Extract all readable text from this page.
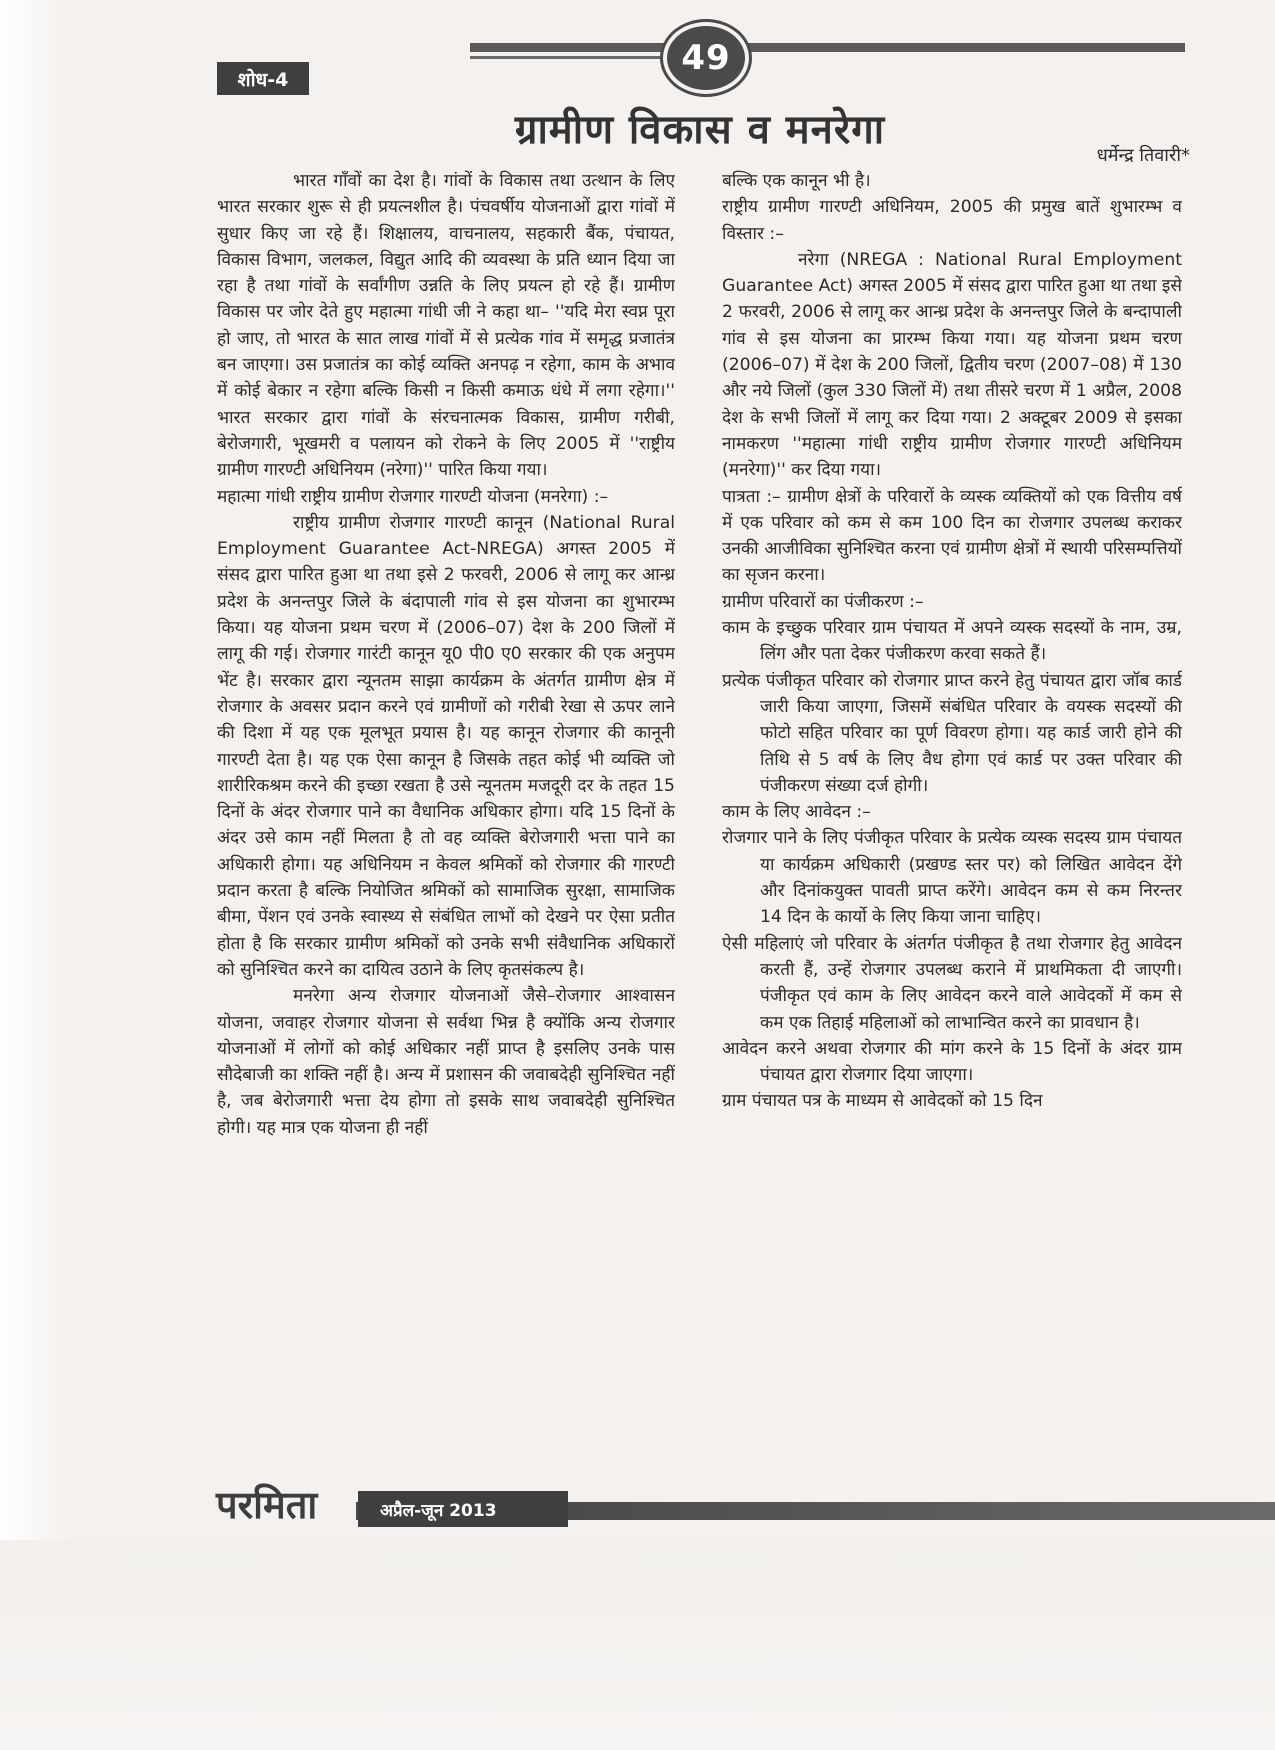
49
शोध-4
ग्रामीण विकास व मनरेगा
धर्मेन्द्र तिवारी*

भारत गाँवों का देश है। गांवों के विकास तथा उत्थान के लिए भारत सरकार शुरू से ही प्रयत्नशील है। पंचवर्षीय योजनाओं द्वारा गांवों में सुधार किए जा रहे हैं। शिक्षालय, वाचनालय, सहकारी बैंक, पंचायत, विकास विभाग, जलकल, विद्युत आदि की व्यवस्था के प्रति ध्यान दिया जा रहा है तथा गांवों के सर्वांगीण उन्नति के लिए प्रयत्न हो रहे हैं। ग्रामीण विकास पर जोर देते हुए महात्मा गांधी जी ने कहा था– ''यदि मेरा स्वप्न पूरा हो जाए, तो भारत के सात लाख गांवों में से प्रत्येक गांव में समृद्ध प्रजातंत्र बन जाएगा। उस प्रजातंत्र का कोई व्यक्ति अनपढ़ न रहेगा, काम के अभाव में कोई बेकार न रहेगा बल्कि किसी न किसी कमाऊ धंधे में लगा रहेगा।'' भारत सरकार द्वारा गांवों के संरचनात्मक विकास, ग्रामीण गरीबी, बेरोजगारी, भूखमरी व पलायन को रोकने के लिए 2005 में ''राष्ट्रीय ग्रामीण गारण्टी अधिनियम (नरेगा)'' पारित किया गया।

महात्मा गांधी राष्ट्रीय ग्रामीण रोजगार गारण्टी योजना (मनरेगा) :–

राष्ट्रीय ग्रामीण रोजगार गारण्टी कानून (National Rural Employment Guarantee Act-NREGA) अगस्त 2005 में संसद द्वारा पारित हुआ था तथा इसे 2 फरवरी, 2006 से लागू कर आन्ध्र प्रदेश के अनन्तपुर जिले के बंदापाली गांव से इस योजना का शुभारम्भ किया। यह योजना प्रथम चरण में (2006–07) देश के 200 जिलों में लागू की गई। रोजगार गारंटी कानून यू0 पी0 ए0 सरकार की एक अनुपम भेंट है। सरकार द्वारा न्यूनतम साझा कार्यक्रम के अंतर्गत ग्रामीण क्षेत्र में रोजगार के अवसर प्रदान करने एवं ग्रामीणों को गरीबी रेखा से ऊपर लाने की दिशा में यह एक मूलभूत प्रयास है। यह कानून रोजगार की कानूनी गारण्टी देता है। यह एक ऐसा कानून है जिसके तहत कोई भी व्यक्ति जो शारीरिकश्रम करने की इच्छा रखता है उसे न्यूनतम मजदूरी दर के तहत 15 दिनों के अंदर रोजगार पाने का वैधानिक अधिकार होगा। यदि 15 दिनों के अंदर उसे काम नहीं मिलता है तो वह व्यक्ति बेरोजगारी भत्ता पाने का अधिकारी होगा। यह अधिनियम न केवल श्रमिकों को रोजगार की गारण्टी प्रदान करता है बल्कि नियोजित श्रमिकों को सामाजिक सुरक्षा, सामाजिक बीमा, पेंशन एवं उनके स्वास्थ्य से संबंधित लाभों को देखने पर ऐसा प्रतीत होता है कि सरकार ग्रामीण श्रमिकों को उनके सभी संवैधानिक अधिकारों को सुनिश्चित करने का दायित्व उठाने के लिए कृतसंकल्प है।

मनरेगा अन्य रोजगार योजनाओं जैसे–रोजगार आश्वासन योजना, जवाहर रोजगार योजना से सर्वथा भिन्न है क्योंकि अन्य रोजगार योजनाओं में लोगों को कोई अधिकार नहीं प्राप्त है इसलिए उनके पास सौदेबाजी का शक्ति नहीं है। अन्य में प्रशासन की जवाबदेही सुनिश्चित नहीं है, जब बेरोजगारी भत्ता देय होगा तो इसके साथ जवाबदेही सुनिश्चित होगी। यह मात्र एक योजना ही नहीं

बल्कि एक कानून भी है।

राष्ट्रीय ग्रामीण गारण्टी अधिनियम, 2005 की प्रमुख बातें शुभारम्भ व विस्तार :–

नरेगा (NREGA : National Rural Employment Guarantee Act) अगस्त 2005 में संसद द्वारा पारित हुआ था तथा इसे 2 फरवरी, 2006 से लागू कर आन्ध्र प्रदेश के अनन्तपुर जिले के बन्दापाली गांव से इस योजना का प्रारम्भ किया गया। यह योजना प्रथम चरण (2006–07) में देश के 200 जिलों, द्वितीय चरण (2007–08) में 130 और नये जिलों (कुल 330 जिलों में) तथा तीसरे चरण में 1 अप्रैल, 2008 देश के सभी जिलों में लागू कर दिया गया। 2 अक्टूबर 2009 से इसका नामकरण ''महात्मा गांधी राष्ट्रीय ग्रामीण रोजगार गारण्टी अधिनियम (मनरेगा)'' कर दिया गया।

पात्रता :– ग्रामीण क्षेत्रों के परिवारों के व्यस्क व्यक्तियों को एक वित्तीय वर्ष में एक परिवार को कम से कम 100 दिन का रोजगार उपलब्ध कराकर उनकी आजीविका सुनिश्चित करना एवं ग्रामीण क्षेत्रों में स्थायी परिसम्पत्तियों का सृजन करना।

ग्रामीण परिवारों का पंजीकरण :–

काम के इच्छुक परिवार ग्राम पंचायत में अपने व्यस्क सदस्यों के नाम, उम्र, लिंग और पता देकर पंजीकरण करवा सकते हैं।

प्रत्येक पंजीकृत परिवार को रोजगार प्राप्त करने हेतु पंचायत द्वारा जॉब कार्ड जारी किया जाएगा, जिसमें संबंधित परिवार के वयस्क सदस्यों की फोटो सहित परिवार का पूर्ण विवरण होगा। यह कार्ड जारी होने की तिथि से 5 वर्ष के लिए वैध होगा एवं कार्ड पर उक्त परिवार की पंजीकरण संख्या दर्ज होगी।

काम के लिए आवेदन :–

रोजगार पाने के लिए पंजीकृत परिवार के प्रत्येक व्यस्क सदस्य ग्राम पंचायत या कार्यक्रम अधिकारी (प्रखण्ड स्तर पर) को लिखित आवेदन देंगे और दिनांकयुक्त पावती प्राप्त करेंगे। आवेदन कम से कम निरन्तर 14 दिन के कार्यो के लिए किया जाना चाहिए।

ऐसी महिलाएं जो परिवार के अंतर्गत पंजीकृत है तथा रोजगार हेतु आवेदन करती हैं, उन्हें रोजगार उपलब्ध कराने में प्राथमिकता दी जाएगी। पंजीकृत एवं काम के लिए आवेदन करने वाले आवेदकों में कम से कम एक तिहाई महिलाओं को लाभान्वित करने का प्रावधान है।

आवेदन करने अथवा रोजगार की मांग करने के 15 दिनों के अंदर ग्राम पंचायत द्वारा रोजगार दिया जाएगा।

ग्राम पंचायत पत्र के माध्यम से आवेदकों को 15 दिन

परमिता	अप्रैल-जून 2013
